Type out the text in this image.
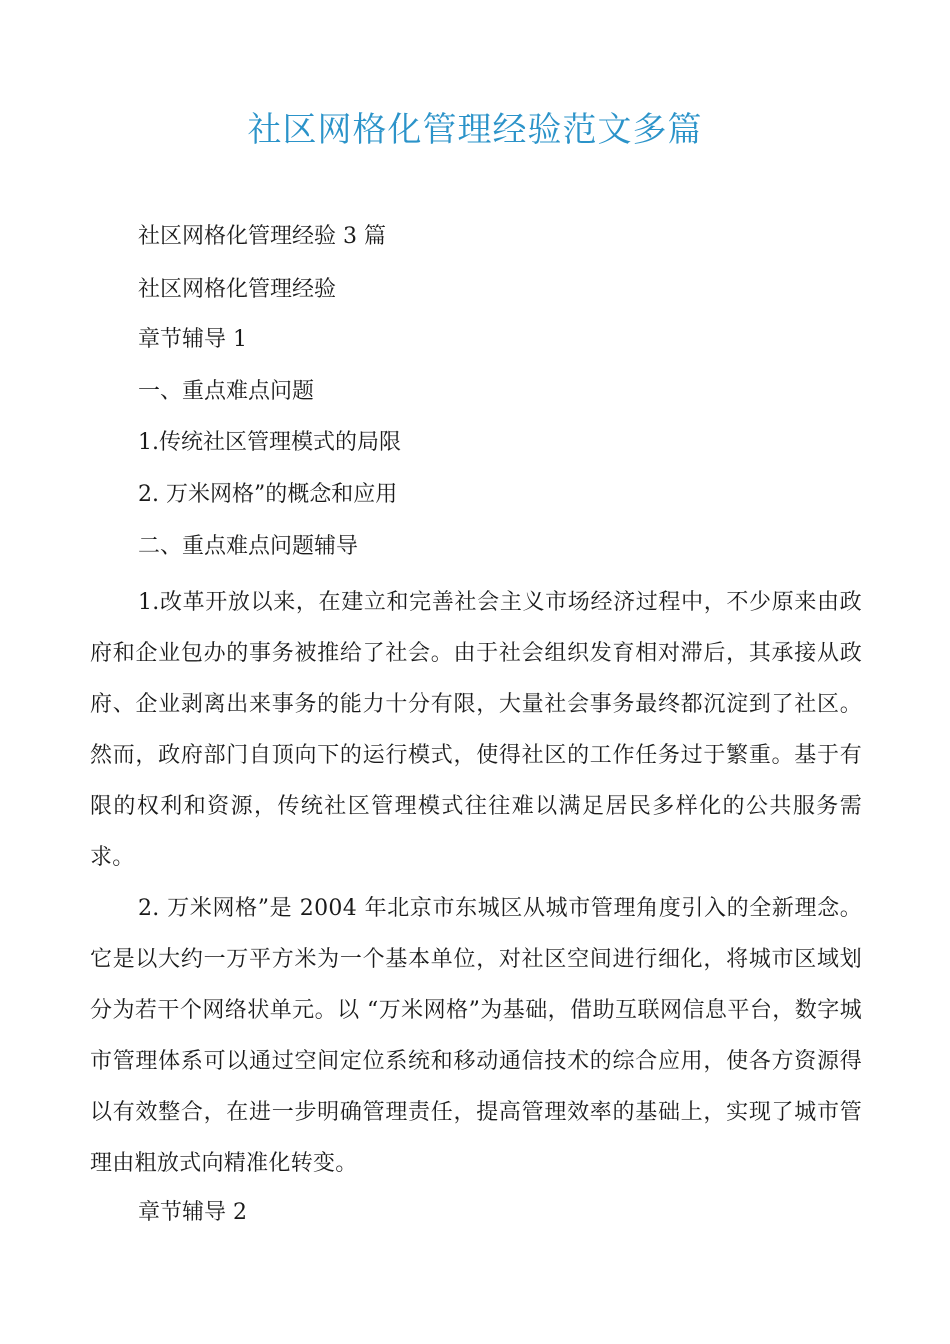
社区网格化管理经验范文多篇

社区网格化管理经验 3 篇

社区网格化管理经验

章节辅导 1

一、重点难点问题

1.传统社区管理模式的局限

2. 万米网格”的概念和应用

二、重点难点问题辅导

1.改革开放以来，在建立和完善社会主义市场经济过程中，不少原来由政府和企业包办的事务被推给了社会。由于社会组织发育相对滞后，其承接从政府、企业剥离出来事务的能力十分有限，大量社会事务最终都沉淀到了社区。然而，政府部门自顶向下的运行模式，使得社区的工作任务过于繁重。基于有限的权利和资源，传统社区管理模式往往难以满足居民多样化的公共服务需求。

2. 万米网格”是 2004 年北京市东城区从城市管理角度引入的全新理念。它是以大约一万平方米为一个基本单位，对社区空间进行细化，将城市区域划分为若干个网络状单元。以 “万米网格”为基础，借助互联网信息平台，数字城市管理体系可以通过空间定位系统和移动通信技术的综合应用，使各方资源得以有效整合，在进一步明确管理责任，提高管理效率的基础上，实现了城市管理由粗放式向精准化转变。

章节辅导 2
